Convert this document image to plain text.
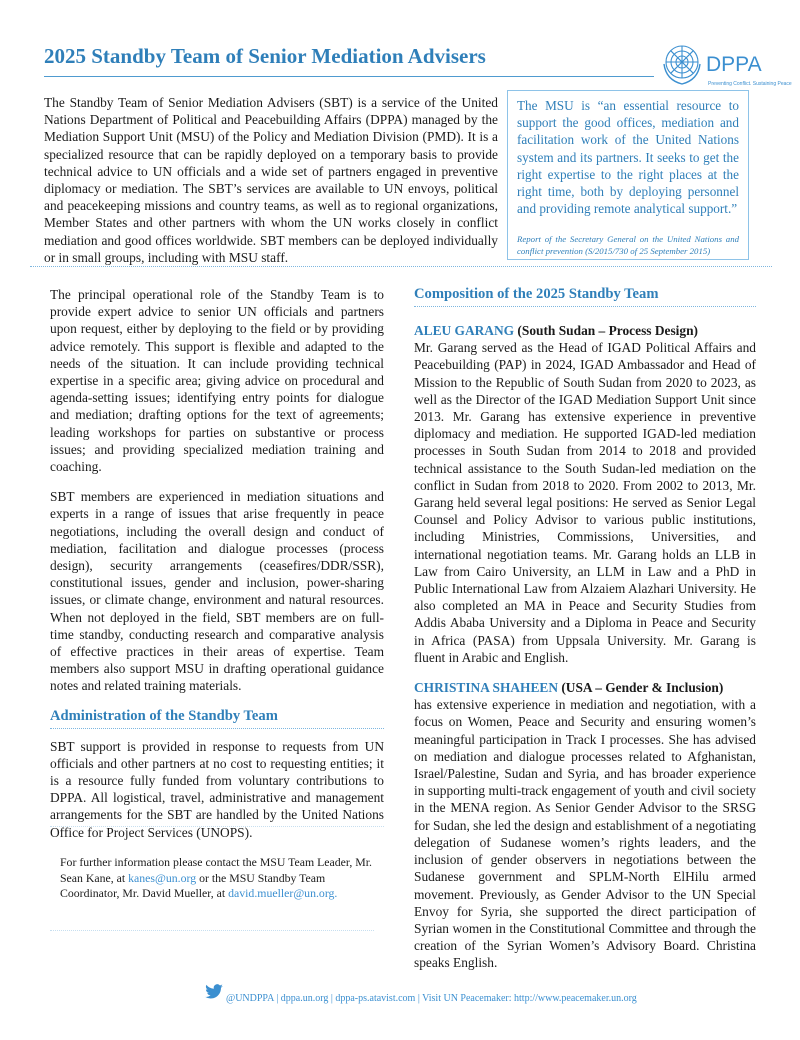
2025 Standby Team of Senior Mediation Advisers	DPPA
Preventing Conflict. Sustaining Peace

The Standby Team of Senior Mediation Advisers (SBT) is a service of the United Nations Department of Political and Peacebuilding Affairs (DPPA) managed by the Mediation Support Unit (MSU) of the Policy and Mediation Division (PMD). It is a specialized resource that can be rapidly deployed on a temporary basis to provide technical advice to UN officials and a wide set of partners engaged in preventive diplomacy or mediation. The SBT’s services are available to UN envoys, political and peacekeeping missions and country teams, as well as to regional organizations, Member States and other partners with whom the UN works closely in conflict mediation and good offices worldwide. SBT members can be deployed individually or in small groups, including with MSU staff.

The MSU is “an essential resource to support the good offices, mediation and facilitation work of the United Nations system and its partners. It seeks to get the right expertise to the right places at the right time, both by deploying personnel and providing remote analytical support.”

Report of the Secretary General on the United Nations and conflict prevention (S/2015/730 of 25 September 2015)

The principal operational role of the Standby Team is to provide expert advice to senior UN officials and partners upon request, either by deploying to the field or by providing advice remotely. This support is flexible and adapted to the needs of the situation. It can include providing technical expertise in a specific area; giving advice on procedural and agenda-setting issues; identifying entry points for dialogue and mediation; drafting options for the text of agreements; leading workshops for parties on substantive or process issues; and providing specialized mediation training and coaching.

SBT members are experienced in mediation situations and experts in a range of issues that arise frequently in peace negotiations, including the overall design and conduct of mediation, facilitation and dialogue processes (process design), security arrangements (ceasefires/DDR/SSR), constitutional issues, gender and inclusion, power-sharing issues, or climate change, environment and natural resources. When not deployed in the field, SBT members are on full-time standby, conducting research and comparative analysis of effective practices in their areas of expertise. Team members also support MSU in drafting operational guidance notes and related training materials.

Administration of the Standby Team

SBT support is provided in response to requests from UN officials and other partners at no cost to requesting entities; it is a resource fully funded from voluntary contributions to DPPA. All logistical, travel, administrative and management arrangements for the SBT are handled by the United Nations Office for Project Services (UNOPS).

For further information please contact the MSU Team Leader, Mr. Sean Kane, at kanes@un.org or the MSU Standby Team Coordinator, Mr. David Mueller, at david.mueller@un.org.

Composition of the 2025 Standby Team

ALEU GARANG (South Sudan – Process Design)
Mr. Garang served as the Head of IGAD Political Affairs and Peacebuilding (PAP) in 2024, IGAD Ambassador and Head of Mission to the Republic of South Sudan from 2020 to 2023, as well as the Director of the IGAD Mediation Support Unit since 2013. Mr. Garang has extensive experience in preventive diplomacy and mediation. He supported IGAD-led mediation processes in South Sudan from 2014 to 2018 and provided technical assistance to the South Sudan-led mediation on the conflict in Sudan from 2018 to 2020. From 2002 to 2013, Mr. Garang held several legal positions: He served as Senior Legal Counsel and Policy Advisor to various public institutions, including Ministries, Commissions, Universities, and international negotiation teams. Mr. Garang holds an LLB in Law from Cairo University, an LLM in Law and a PhD in Public International Law from Alzaiem Alazhari University. He also completed an MA in Peace and Security Studies from Addis Ababa University and a Diploma in Peace and Security in Africa (PASA) from Uppsala University. Mr. Garang is fluent in Arabic and English.

CHRISTINA SHAHEEN (USA – Gender & Inclusion)
has extensive experience in mediation and negotiation, with a focus on Women, Peace and Security and ensuring women’s meaningful participation in Track I processes. She has advised on mediation and dialogue processes related to Afghanistan, Israel/Palestine, Sudan and Syria, and has broader experience in supporting multi-track engagement of youth and civil society in the MENA region. As Senior Gender Advisor to the SRSG for Sudan, she led the design and establishment of a negotiating delegation of Sudanese women’s rights leaders, and the inclusion of gender observers in negotiations between the Sudanese government and SPLM-North ElHilu armed movement. Previously, as Gender Advisor to the UN Special Envoy for Syria, she supported the direct participation of Syrian women in the Constitutional Committee and through the creation of the Syrian Women’s Advisory Board. Christina speaks English.

@UNDPPA | dppa.un.org | dppa-ps.atavist.com | Visit UN Peacemaker: http://www.peacemaker.un.org
